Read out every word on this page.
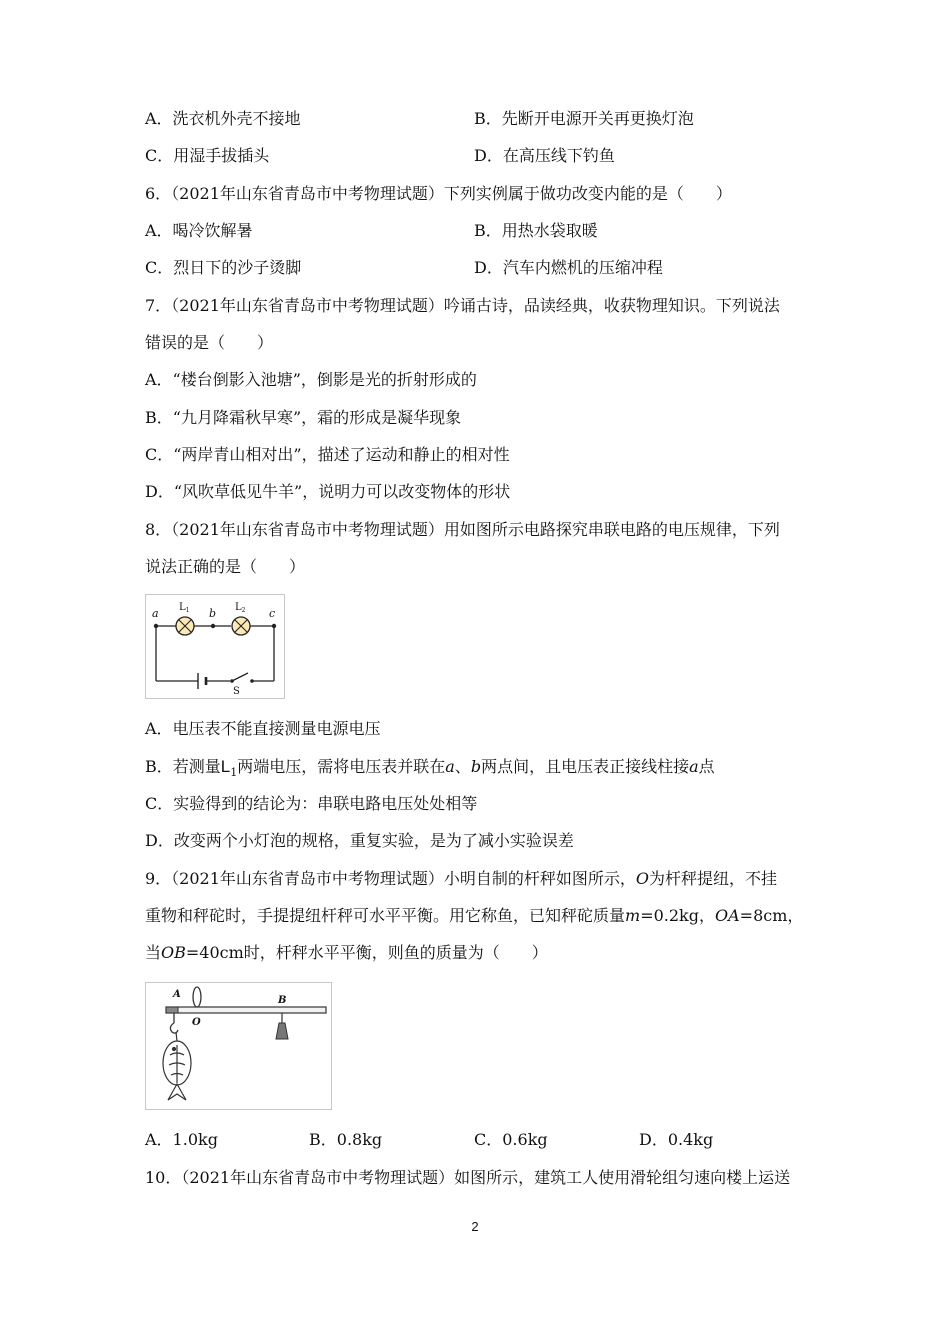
A．洗衣机外壳不接地	B．先断开电源开关再更换灯泡
C．用湿手拔插头	D．在高压线下钓鱼
6．（2021年山东省青岛市中考物理试题）下列实例属于做功改变内能的是（　　）
A．喝冷饮解暑	B．用热水袋取暖
C．烈日下的沙子烫脚	D．汽车内燃机的压缩冲程
7．（2021年山东省青岛市中考物理试题）吟诵古诗，品读经典，收获物理知识。下列说法
错误的是（　　）
A．“楼台倒影入池塘”，倒影是光的折射形成的
B．“九月降霜秋早寒”，霜的形成是凝华现象
C．“两岸青山相对出”，描述了运动和静止的相对性
D．“风吹草低见牛羊”，说明力可以改变物体的形状
8．（2021年山东省青岛市中考物理试题）用如图所示电路探究串联电路的电压规律，下列
说法正确的是（　　）
a	b	c
$L_1$	$L_2$
S
A．电压表不能直接测量电源电压
B．若测量$L_1$两端电压，需将电压表并联在a、b两点间，且电压表正接线柱接a点
C．实验得到的结论为：串联电路电压处处相等
D．改变两个小灯泡的规格，重复实验，是为了减小实验误差
9．（2021年山东省青岛市中考物理试题）小明自制的杆秤如图所示，O为杆秤提纽，不挂
重物和秤砣时，手提提纽杆秤可水平平衡。用它称鱼，已知秤砣质量m=0.2kg，OA=8cm，
当OB=40cm时，杆秤水平平衡，则鱼的质量为（　　）
A
O
B
A．1.0kg	B．0.8kg	C．0.6kg	D．0.4kg
10．（2021年山东省青岛市中考物理试题）如图所示，建筑工人使用滑轮组匀速向楼上运送
2
